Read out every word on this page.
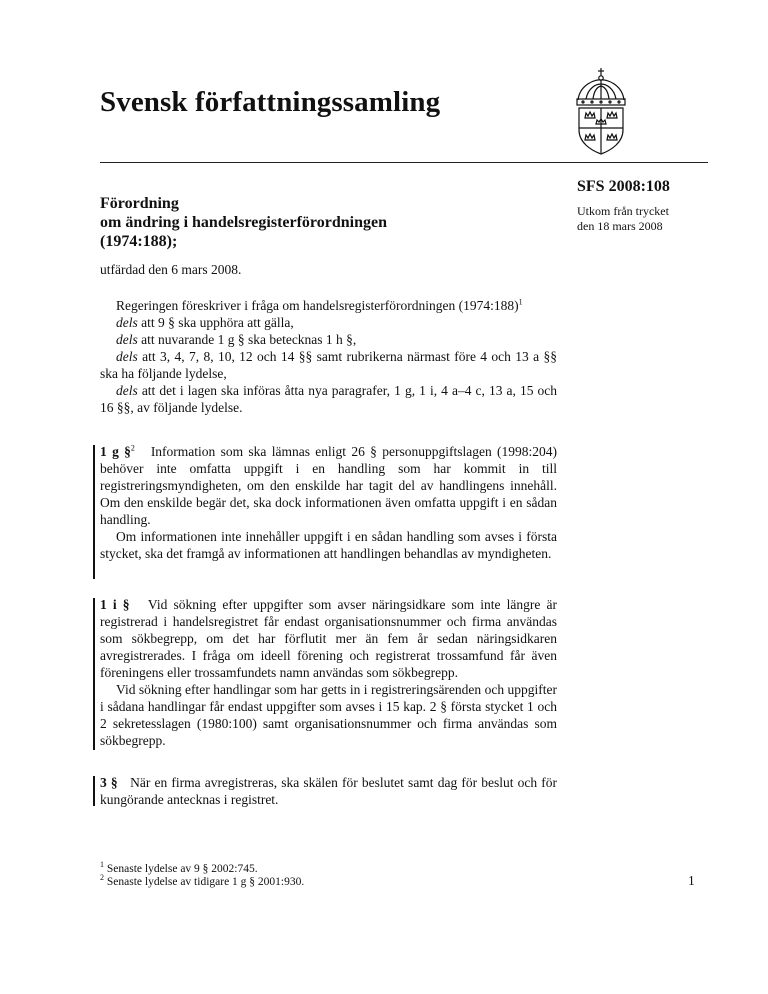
Svensk författningssamling
SFS 2008:108
Utkom från trycket
den 18 mars 2008
Förordning
om ändring i handelsregisterförordningen
(1974:188);
utfärdad den 6 mars 2008.

Regeringen föreskriver i fråga om handelsregisterförordningen (1974:188)$^1$

dels att 9 § ska upphöra att gälla,

dels att nuvarande 1 g § ska betecknas 1 h §,

dels att 3, 4, 7, 8, 10, 12 och 14 §§ samt rubrikerna närmast före 4 och 13 a §§ ska ha följande lydelse,

dels att det i lagen ska införas åtta nya paragrafer, 1 g, 1 i, 4 a–4 c, 13 a, 15 och 16 §§, av följande lydelse.

1 g §$^2$ Information som ska lämnas enligt 26 § personuppgiftslagen (1998:204) behöver inte omfatta uppgift i en handling som har kommit in till registreringsmyndigheten, om den enskilde har tagit del av handlingens innehåll. Om den enskilde begär det, ska dock informationen även omfatta uppgift i en sådan handling.

Om informationen inte innehåller uppgift i en sådan handling som avses i första stycket, ska det framgå av informationen att handlingen behandlas av myndigheten.

1 i § Vid sökning efter uppgifter som avser näringsidkare som inte längre är registrerad i handelsregistret får endast organisationsnummer och firma användas som sökbegrepp, om det har förflutit mer än fem år sedan näringsidkaren avregistrerades. I fråga om ideell förening och registrerat trossamfund får även föreningens eller trossamfundets namn användas som sökbegrepp.

Vid sökning efter handlingar som har getts in i registreringsärenden och uppgifter i sådana handlingar får endast uppgifter som avses i 15 kap. 2 § första stycket 1 och 2 sekretesslagen (1980:100) samt organisationsnummer och firma användas som sökbegrepp.

3 § När en firma avregistreras, ska skälen för beslutet samt dag för beslut och för kungörande antecknas i registret.

$^1$ Senaste lydelse av 9 § 2002:745.
$^2$ Senaste lydelse av tidigare 1 g § 2001:930.	1
